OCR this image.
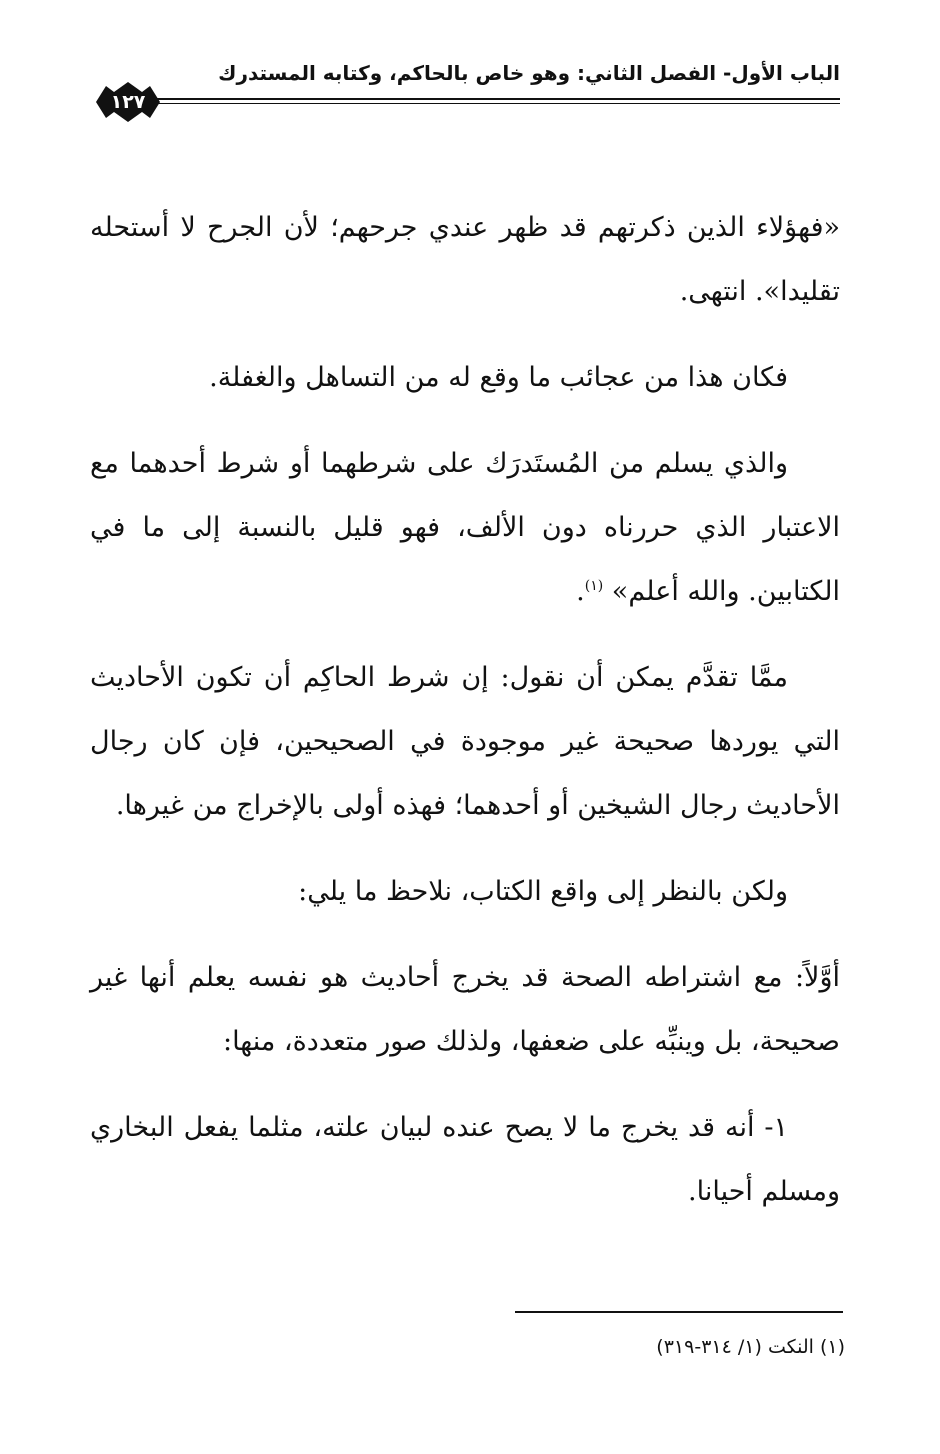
الباب الأول- الفصل الثاني: وهو خاص بالحاكم، وكتابه المستدرك
١٢٧

«فهؤلاء الذين ذكرتهم قد ظهر عندي جرحهم؛ لأن الجرح لا أستحله تقليدا». انتهى.

فكان هذا من عجائب ما وقع له من التساهل والغفلة.

والذي يسلم من المُستَدرَك على شرطهما أو شرط أحدهما مع الاعتبار الذي حررناه دون الألف، فهو قليل بالنسبة إلى ما في الكتابين. والله أعلم» $^{(١)}$.

ممَّا تقدَّم يمكن أن نقول: إن شرط الحاكِم أن تكون الأحاديث التي يوردها صحيحة غير موجودة في الصحيحين، فإن كان رجال الأحاديث رجال الشيخين أو أحدهما؛ فهذه أولى بالإخراج من غيرها.

ولكن بالنظر إلى واقع الكتاب، نلاحظ ما يلي:

أوَّلاً: مع اشتراطه الصحة قد يخرج أحاديث هو نفسه يعلم أنها غير صحيحة، بل وينبِّه على ضعفها، ولذلك صور متعددة، منها:

١- أنه قد يخرج ما لا يصح عنده لبيان علته، مثلما يفعل البخاري ومسلم أحيانا.

(١) النكت (١/ ٣١٤-٣١٩)
